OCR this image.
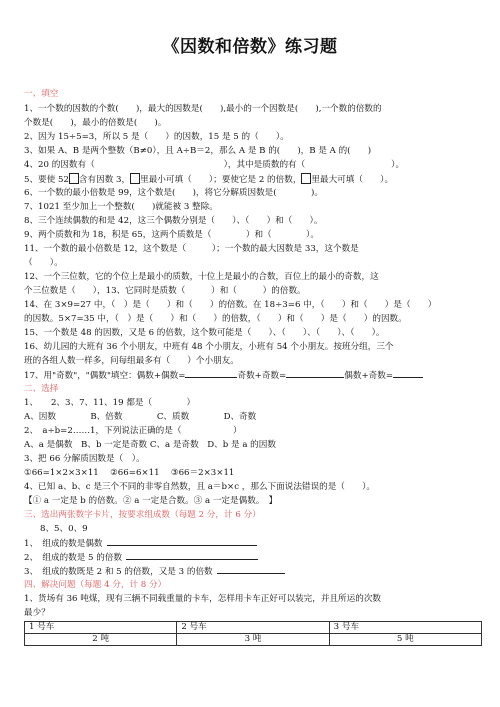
《因数和倍数》练习题
一、填空
1、一个数的因数的个数(　　)，最大的因数是(　　),最小的一个因数是(　　),一个数的倍数的
个数是(　　)，最小的倍数是(　　)。
2、因为 15÷5=3，所以 5 是（　　）的因数，15 是 5 的（　　）。
3、如果 A、B 是两个整数（B≠0），且 A÷B＝2，那么 A 是 B 的(　　)，B 是 A 的(　　)
4、20 的因数有（　　　　　　　　　　　　　　　），其中是质数的有（　　　　　　　　　　）。
5、要使 52 含有因数 3， 里最小可填（　　）；要使它是 2 的倍数， 里最大可填（　　）。
6、一个数的最小倍数是 99，这个数是(　　)，将它分解质因数是(　　　　)。
7、1021 至少加上一个整数(　　)就能被 3 整除。
8、三个连续偶数的和是 42，这三个偶数分别是（　　）、（　　）和（　　）。
9、两个质数和为 18，积是 65，这两个质数是（　　　　）和（　　　　）。
11、一个数的最小倍数是 12，这个数是（　　　）；一个数的最大因数是 33，这个数是
（　　）。
12、一个三位数，它的个位上是最小的质数，十位上是最小的合数，百位上的最小的奇数，这
个三位数是（　　），13、它同时是质数（　　　）和（　　　）的倍数。
14、在 3×9=27 中，（　）是（　　）和（　　）的倍数。在 18÷3=6 中，（　　）和（　　）是（　　）
的因数。5×7=35 中，（　）是（　　）和（　　）的倍数，（　　）和（　　）是（　　）的因数。
15、一个数是 48 的因数，又是 6 的倍数，这个数可能是（　　）、（　　）、（　　）、（　　）。
16、幼儿园的大班有 36 个小朋友，中班有 48 个小朋友，小班有 54 个小朋友。按班分组，三个
班的各组人数一样多，问每组最多有（　　）个小朋友。
17、用"奇数"，"偶数"填空：偶数+偶数=	奇数+奇数=	偶数+奇数=
二、选择
1、　　2、3、7、11、19 都是（　　　　）
A、因数　　　　B、倍数　　　　C、质数　　　　D、奇数
2、　a÷b=2……1，下列说法正确的是（　　　　　　）
A、a 是偶数　B、b 一定是奇数 C、a 是奇数　D、b 是 a 的因数
3、把 66 分解质因数是（　）。
①66=1×2×3×11　 ②66=6×11　 ③66＝2×3×11
4、已知 a、b、c 是三个不同的非零自然数，且 a＝b×c ，那么下面说法错误的是（　　）。
【① a 一定是 b 的倍数。② a 一定是合数。③ a 一定是偶数。　】
三、选出两张数字卡片，按要求组成数（每题 2 分，计 6 分）
8、5、0、9
1、　组成的数是偶数
2、　组成的数是 5 的倍数
3、　组成的数既是 2 和 5 的倍数，又是 3 的倍数
四、解决问题（每题 4 分，计 8 分）
1、货场有 36 吨煤，现有三辆不同载重量的卡车，怎样用卡车正好可以装完，并且所运的次数
最少？
1 号车	2 号车	3 号车
2 吨	3 吨	5 吨
